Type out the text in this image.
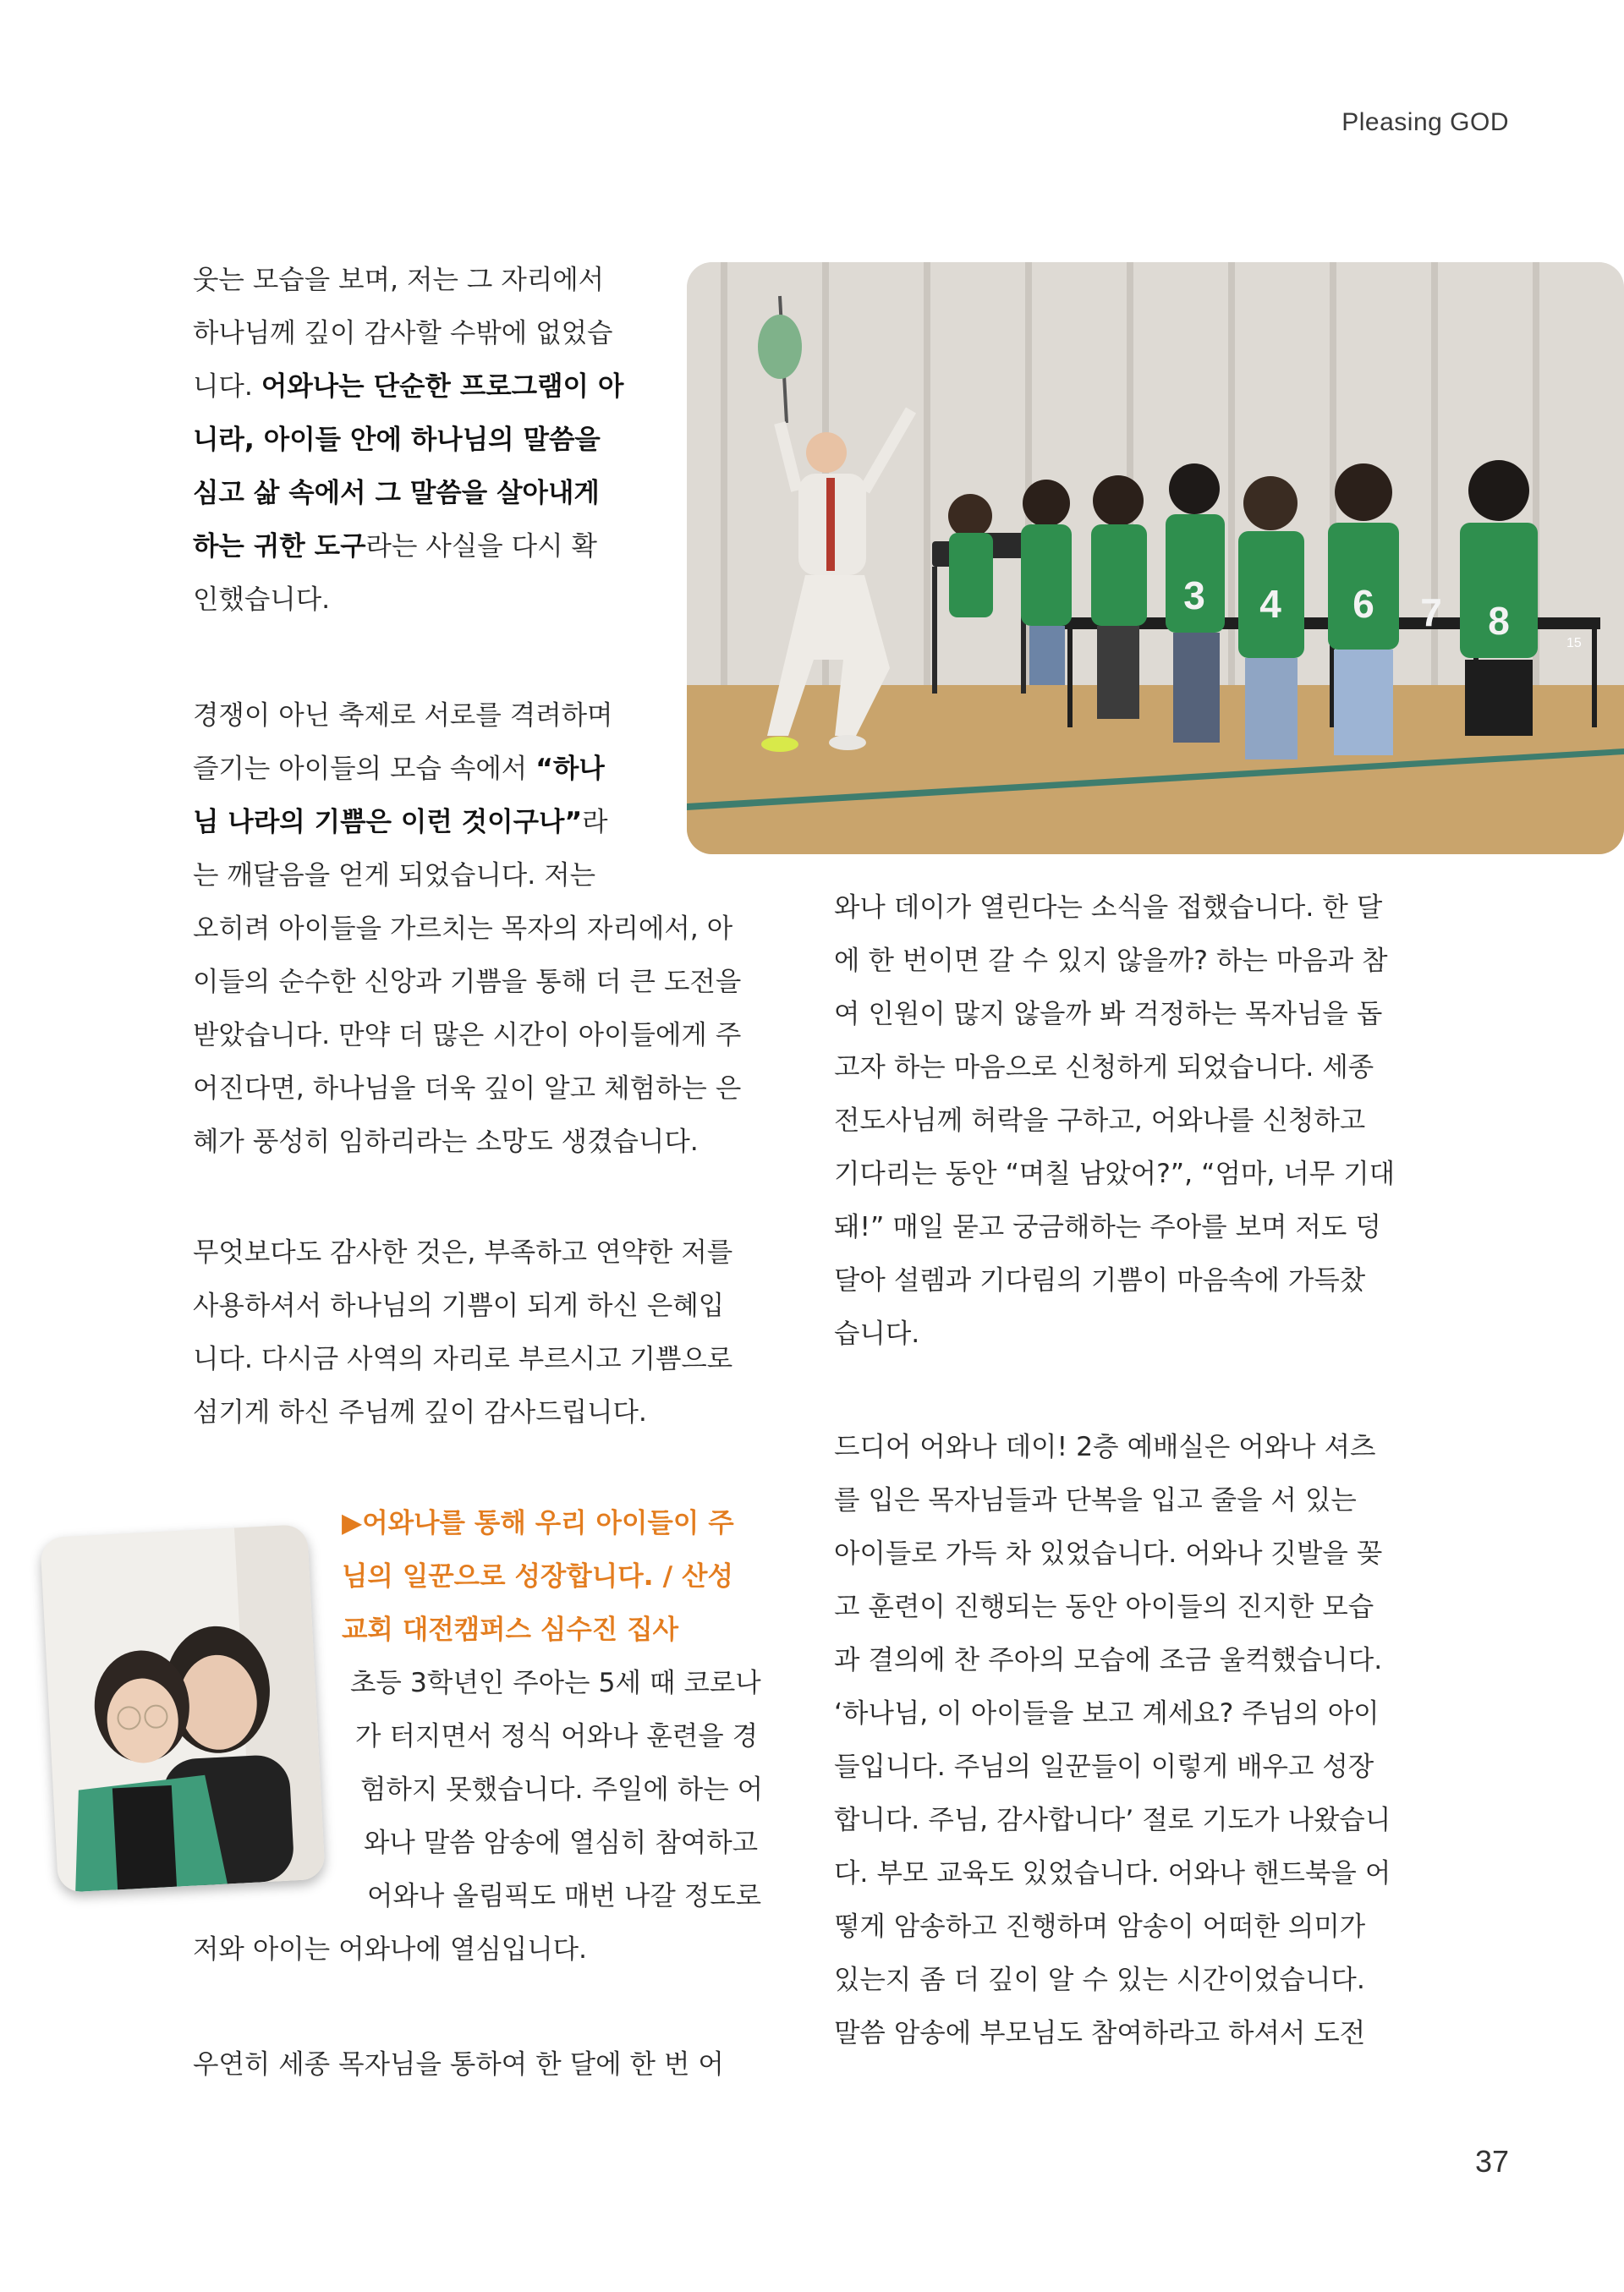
Pleasing GOD
웃는 모습을 보며, 저는 그 자리에서
하나님께 깊이 감사할 수밖에 없었습
니다. 어와나는 단순한 프로그램이 아
니라, 아이들 안에 하나님의 말씀을
심고 삶 속에서 그 말씀을 살아내게
하는 귀한 도구라는 사실을 다시 확
인했습니다.
경쟁이 아닌 축제로 서로를 격려하며
즐기는 아이들의 모습 속에서 “하나
님 나라의 기쁨은 이런 것이구나”라
는 깨달음을 얻게 되었습니다. 저는
오히려 아이들을 가르치는 목자의 자리에서, 아
이들의 순수한 신앙과 기쁨을 통해 더 큰 도전을
받았습니다. 만약 더 많은 시간이 아이들에게 주
어진다면, 하나님을 더욱 깊이 알고 체험하는 은
혜가 풍성히 임하리라는 소망도 생겼습니다.
무엇보다도 감사한 것은, 부족하고 연약한 저를
사용하셔서 하나님의 기쁨이 되게 하신 은혜입
니다. 다시금 사역의 자리로 부르시고 기쁨으로
섬기게 하신 주님께 깊이 감사드립니다.
▶어와나를 통해 우리 아이들이 주
님의 일꾼으로 성장합니다. / 산성
교회 대전캠퍼스 심수진 집사
초등 3학년인 주아는 5세 때 코로나
가 터지면서 정식 어와나 훈련을 경
험하지 못했습니다. 주일에 하는 어
와나 말씀 암송에 열심히 참여하고
어와나 올림픽도 매번 나갈 정도로
저와 아이는 어와나에 열심입니다.
우연히 세종 목자님을 통하여 한 달에 한 번 어
와나 데이가 열린다는 소식을 접했습니다. 한 달
에 한 번이면 갈 수 있지 않을까? 하는 마음과 참
여 인원이 많지 않을까 봐 걱정하는 목자님을 돕
고자 하는 마음으로 신청하게 되었습니다. 세종
전도사님께 허락을 구하고, 어와나를 신청하고
기다리는 동안 “며칠 남았어?”, “엄마, 너무 기대
돼!” 매일 묻고 궁금해하는 주아를 보며 저도 덩
달아 설렘과 기다림의 기쁨이 마음속에 가득찼
습니다.
드디어 어와나 데이! 2층 예배실은 어와나 셔츠
를 입은 목자님들과 단복을 입고 줄을 서 있는
아이들로 가득 차 있었습니다. 어와나 깃발을 꽂
고 훈련이 진행되는 동안 아이들의 진지한 모습
과 결의에 찬 주아의 모습에 조금 울컥했습니다.
‘하나님, 이 아이들을 보고 계세요? 주님의 아이
들입니다. 주님의 일꾼들이 이렇게 배우고 성장
합니다. 주님, 감사합니다’ 절로 기도가 나왔습니
다. 부모 교육도 있었습니다. 어와나 핸드북을 어
떻게 암송하고 진행하며 암송이 어떠한 의미가
있는지 좀 더 깊이 알 수 있는 시간이었습니다.
말씀 암송에 부모님도 참여하라고 하셔서 도전
3 4 6 7 8
15
37
